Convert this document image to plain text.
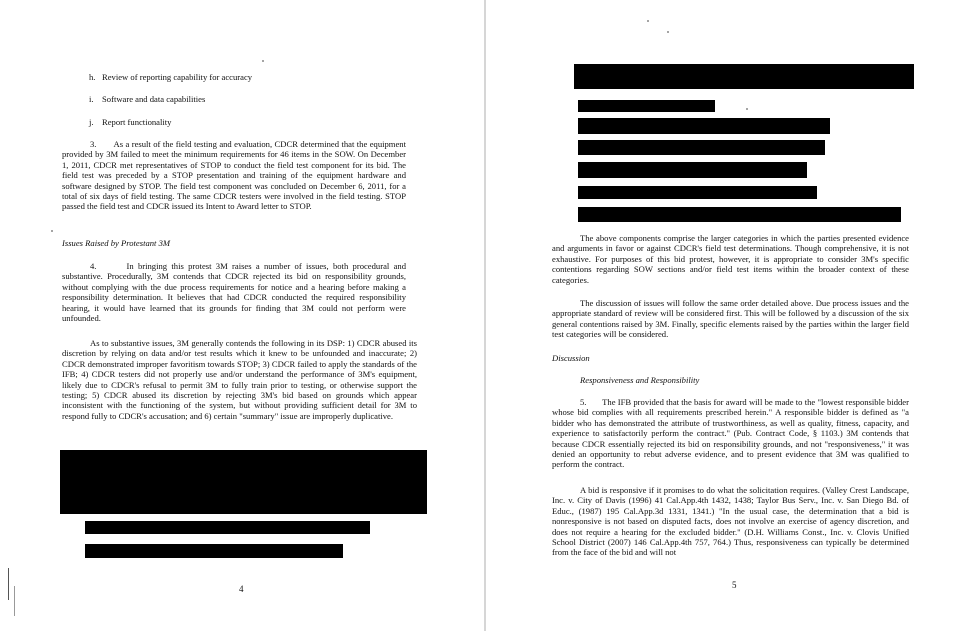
h. Review of reporting capability for accuracy
i. Software and data capabilities
j. Report functionality
3.       As a result of the field testing and evaluation, CDCR determined that the equipment provided by 3M failed to meet the minimum requirements for 46 items in the SOW. On December 1, 2011, CDCR met representatives of STOP to conduct the field test component for its bid. The field test was preceded by a STOP presentation and training of the equipment hardware and software designed by STOP. The field test component was concluded on December 6, 2011, for a total of six days of field testing. The same CDCR testers were involved in the field testing. STOP passed the field test and CDCR issued its Intent to Award letter to STOP.
Issues Raised by Protestant 3M
4.       In bringing this protest 3M raises a number of issues, both procedural and substantive. Procedurally, 3M contends that CDCR rejected its bid on responsibility grounds, without complying with the due process requirements for notice and a hearing before making a responsibility determination. It believes that had CDCR conducted the required responsibility hearing, it would have learned that its grounds for finding that 3M could not perform were unfounded.
As to substantive issues, 3M generally contends the following in its DSP: 1) CDCR abused its discretion by relying on data and/or test results which it knew to be unfounded and inaccurate; 2) CDCR demonstrated improper favoritism towards STOP; 3) CDCR failed to apply the standards of the IFB; 4) CDCR testers did not properly use and/or understand the performance of 3M's equipment, likely due to CDCR's refusal to permit 3M to fully train prior to testing, or otherwise support the testing; 5) CDCR abused its discretion by rejecting 3M's bid based on grounds which appear inconsistent with the functioning of the system, but without providing sufficient detail for 3M to respond fully to CDCR's accusation; and 6) certain "summary" issue are improperly duplicative.
4
The above components comprise the larger categories in which the parties presented evidence and arguments in favor or against CDCR's field test determinations. Though comprehensive, it is not exhaustive. For purposes of this bid protest, however, it is appropriate to consider 3M's specific contentions regarding SOW sections and/or field test items within the broader context of these categories.
The discussion of issues will follow the same order detailed above. Due process issues and the appropriate standard of review will be considered first. This will be followed by a discussion of the six general contentions raised by 3M. Finally, specific elements raised by the parties within the larger field test categories will be considered.
Discussion
Responsiveness and Responsibility
5.       The IFB provided that the basis for award will be made to the "lowest responsible bidder whose bid complies with all requirements prescribed herein." A responsible bidder is defined as "a bidder who has demonstrated the attribute of trustworthiness, as well as quality, fitness, capacity, and experience to satisfactorily perform the contract." (Pub. Contract Code, § 1103.) 3M contends that because CDCR essentially rejected its bid on responsibility grounds, and not "responsiveness," it was denied an opportunity to rebut adverse evidence, and to present evidence that 3M was qualified to perform the contract.
A bid is responsive if it promises to do what the solicitation requires. (Valley Crest Landscape, Inc. v. City of Davis (1996) 41 Cal.App.4th 1432, 1438; Taylor Bus Serv., Inc. v. San Diego Bd. of Educ., (1987) 195 Cal.App.3d 1331, 1341.) "In the usual case, the determination that a bid is nonresponsive is not based on disputed facts, does not involve an exercise of agency discretion, and does not require a hearing for the excluded bidder." (D.H. Williams Const., Inc. v. Clovis Unified School District (2007) 146 Cal.App.4th 757, 764.) Thus, responsiveness can typically be determined from the face of the bid and will not
5
